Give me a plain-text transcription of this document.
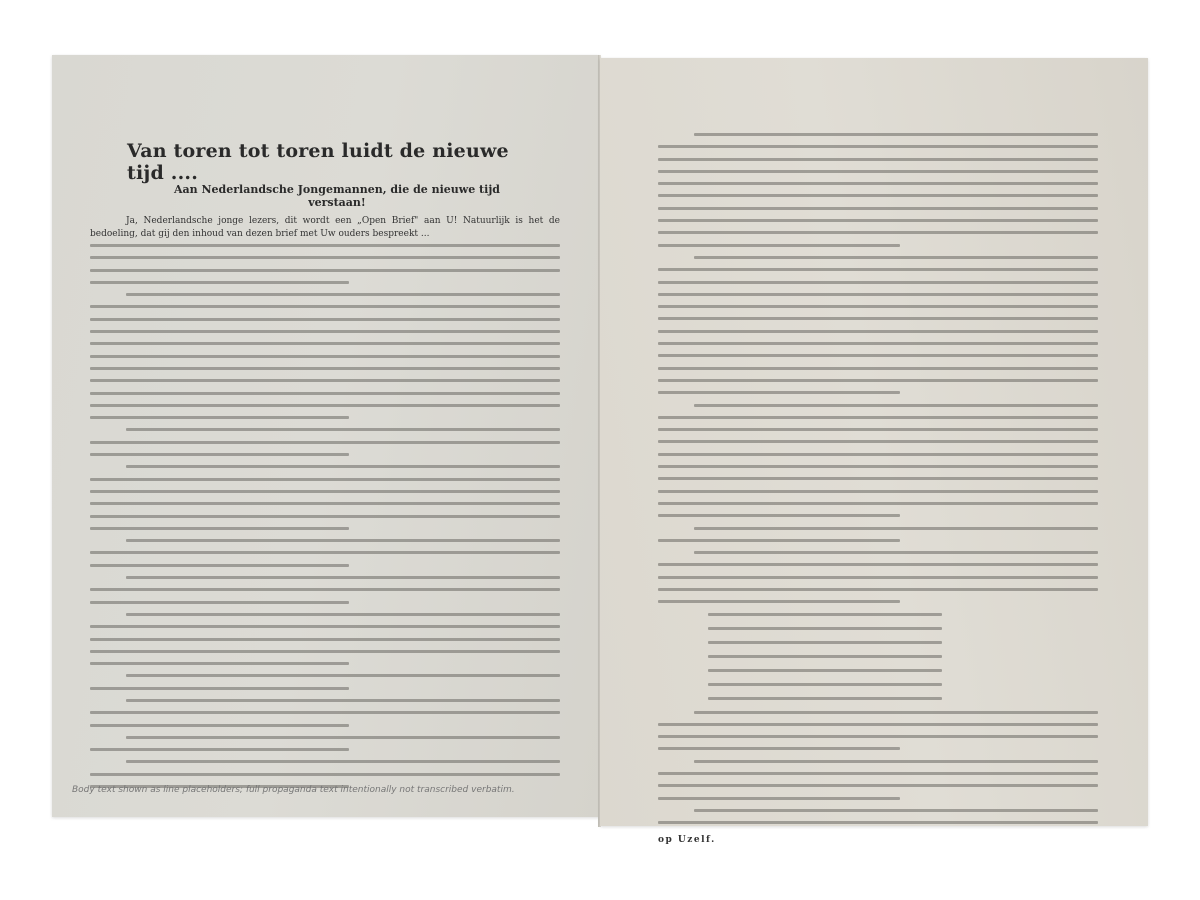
Van toren tot toren luidt de nieuwe tijd ....
Aan Nederlandsche Jongemannen, die de nieuwe tijd verstaan!
Ja, Nederlandsche jonge lezers, dit wordt een „Open Brief" aan U! Natuurlijk is het de bedoeling, dat gij den inhoud van dezen brief met Uw ouders bespreekt ...
Body text shown as line placeholders; full propaganda text intentionally not transcribed verbatim.
op Uzelf.
